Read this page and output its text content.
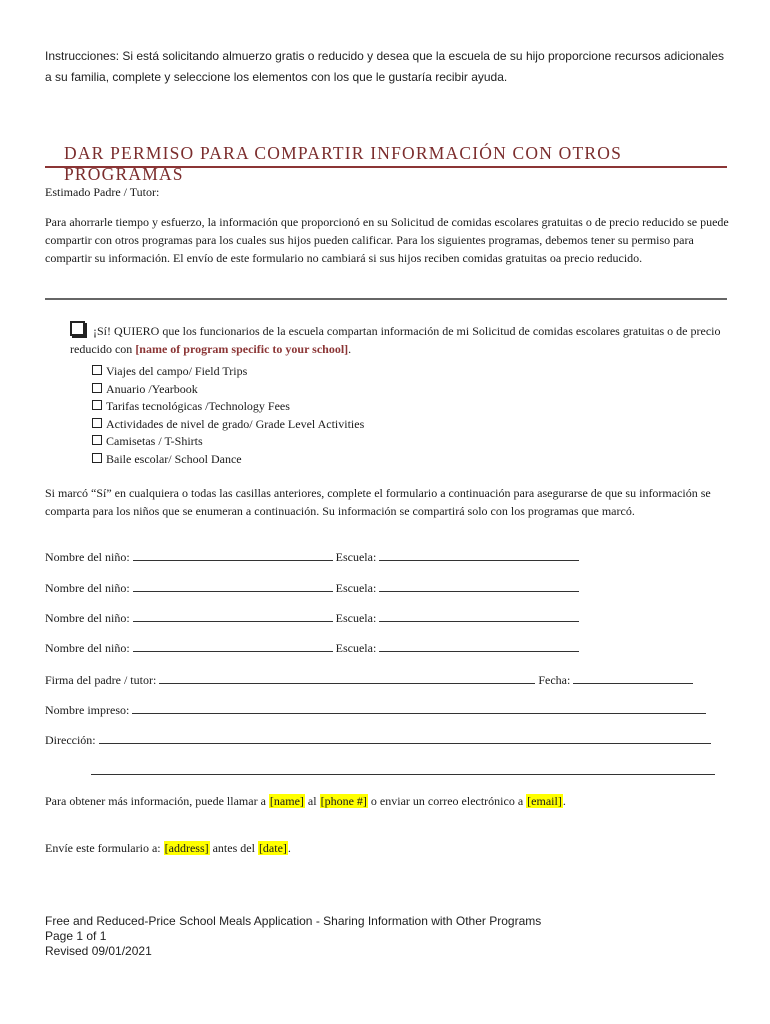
Instrucciones: Si está solicitando almuerzo gratis o reducido y desea que la escuela de su hijo proporcione recursos adicionales a su familia, complete y seleccione los elementos con los que le gustaría recibir ayuda.
DAR PERMISO PARA COMPARTIR INFORMACIÓN CON OTROS PROGRAMAS
Estimado Padre / Tutor:
Para ahorrarle tiempo y esfuerzo, la información que proporcionó en su Solicitud de comidas escolares gratuitas o de precio reducido se puede compartir con otros programas para los cuales sus hijos pueden calificar. Para los siguientes programas, debemos tener su permiso para compartir su información. El envío de este formulario no cambiará si sus hijos reciben comidas gratuitas oa precio reducido.
¡Sí! QUIERO que los funcionarios de la escuela compartan información de mi Solicitud de comidas escolares gratuitas o de precio reducido con [name of program specific to your school].
Viajes del campo/ Field Trips
Anuario /Yearbook
Tarifas tecnológicas /Technology Fees
Actividades de nivel de grado/ Grade Level Activities
Camisetas / T-Shirts
Baile escolar/ School Dance
Si marcó “Sí” en cualquiera o todas las casillas anteriores, complete el formulario a continuación para asegurarse de que su información se comparta para los niños que se enumeran a continuación. Su información se compartirá solo con los programas que marcó.
Nombre del niño:	Escuela:
Nombre del niño:	Escuela:
Nombre del niño:	Escuela:
Nombre del niño:	Escuela:
Firma del padre / tutor:	Fecha:
Nombre impreso:
Dirección:
Para obtener más información, puede llamar a [name] al [phone #] o enviar un correo electrónico a [email].
Envíe este formulario a: [address] antes del [date].
Free and Reduced-Price School Meals Application - Sharing Information with Other Programs
Page 1 of 1
Revised 09/01/2021
